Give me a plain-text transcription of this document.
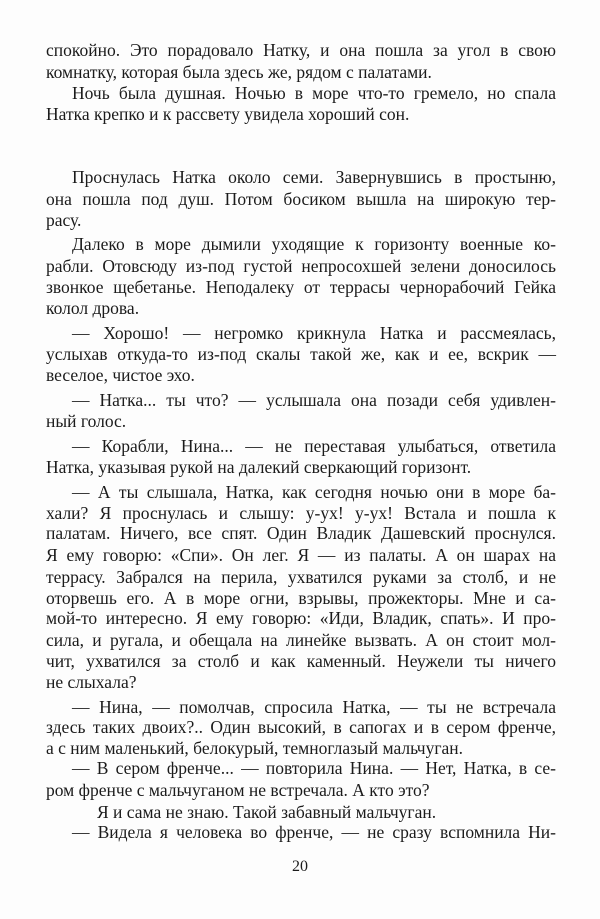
спокойно. Это порадовало Натку, и она пошла за угол в свою
комнатку, которая была здесь же, рядом с палатами.
Ночь была душная. Ночью в море что-то гремело, но спала
Натка крепко и к рассвету увидела хороший сон.
Проснулась Натка около семи. Завернувшись в простыню,
она пошла под душ. Потом босиком вышла на широкую тер-
расу.
Далеко в море дымили уходящие к горизонту военные ко-
рабли. Отовсюду из-под густой непросохшей зелени доносилось
звонкое щебетанье. Неподалеку от террасы чернорабочий Гейка
колол дрова.
— Хорошо! — негромко крикнула Натка и рассмеялась,
услыхав откуда-то из-под скалы такой же, как и ее, вскрик —
веселое, чистое эхо.
— Натка... ты что? — услышала она позади себя удивлен-
ный голос.
— Корабли, Нина... — не переставая улыбаться, ответила
Натка, указывая рукой на далекий сверкающий горизонт.
— А ты слышала, Натка, как сегодня ночью они в море ба-
хали? Я проснулась и слышу: у-ух! у-ух! Встала и пошла к
палатам. Ничего, все спят. Один Владик Дашевский проснулся.
Я ему говорю: «Спи». Он лег. Я — из палаты. А он шарах на
террасу. Забрался на перила, ухватился руками за столб, и не
оторвешь его. А в море огни, взрывы, прожекторы. Мне и са-
мой-то интересно. Я ему говорю: «Иди, Владик, спать». И про-
сила, и ругала, и обещала на линейке вызвать. А он стоит мол-
чит, ухватился за столб и как каменный. Неужели ты ничего
не слыхала?
— Нина, — помолчав, спросила Натка, — ты не встречала
здесь таких двоих?.. Один высокий, в сапогах и в сером френче,
а с ним маленький, белокурый, темноглазый мальчуган.
— В сером френче... — повторила Нина. — Нет, Натка, в се-
ром френче с мальчуганом не встречала. А кто это?
Я и сама не знаю. Такой забавный мальчуган.
— Видела я человека во френче, — не сразу вспомнила Ни-
20
